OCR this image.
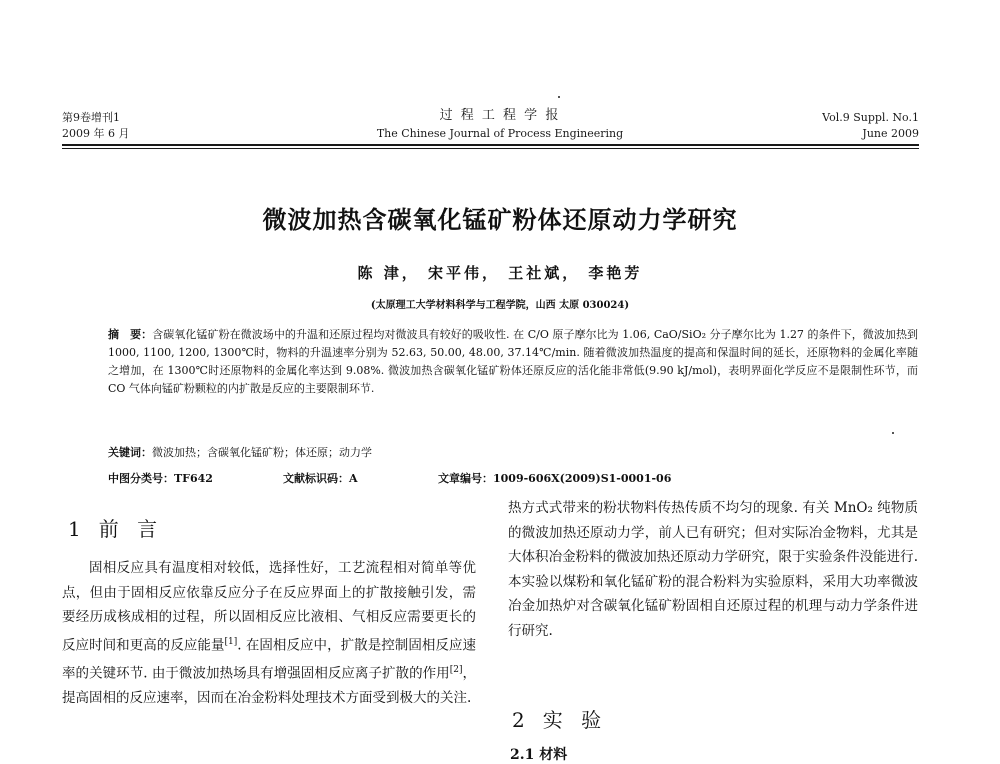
第9卷增刊1
2009 年 6 月
过 程 工 程 学 报
The Chinese Journal of Process Engineering
Vol.9 Suppl. No.1
June 2009
微波加热含碳氧化锰矿粉体还原动力学研究
陈 津， 宋平伟， 王社斌， 李艳芳
(太原理工大学材料科学与工程学院，山西 太原 030024)
摘　要：含碳氧化锰矿粉在微波场中的升温和还原过程均对微波具有较好的吸收性. 在 C/O 原子摩尔比为 1.06, CaO/SiO₂ 分子摩尔比为 1.27 的条件下，微波加热到 1000, 1100, 1200, 1300℃时，物料的升温速率分别为 52.63, 50.00, 48.00, 37.14℃/min. 随着微波加热温度的提高和保温时间的延长，还原物料的金属化率随之增加，在 1300℃时还原物料的金属化率达到 9.08%. 微波加热含碳氧化锰矿粉体还原反应的活化能非常低(9.90 kJ/mol)，表明界面化学反应不是限制性环节，而 CO 气体向锰矿粉颗粒的内扩散是反应的主要限制环节.
关键词：微波加热；含碳氧化锰矿粉；体还原；动力学
中图分类号：TF642	文献标识码：A	文章编号：1009-606X(2009)S1-0001-06
1 前 言
固相反应具有温度相对较低，选择性好，工艺流程相对简单等优点，但由于固相反应依靠反应分子在反应界面上的扩散接触引发，需要经历成核成相的过程，所以固相反应比液相、气相反应需要更长的反应时间和更高的反应能量[1]. 在固相反应中，扩散是控制固相反应速率的关键环节. 由于微波加热场具有增强固相反应离子扩散的作用[2]，提高固相的反应速率，因而在冶金粉料处理技术方面受到极大的关注.
热方式式带来的粉状物料传热传质不均匀的现象. 有关 MnO₂ 纯物质的微波加热还原动力学，前人已有研究；但对实际冶金物料，尤其是大体积冶金粉料的微波加热还原动力学研究，限于实验条件没能进行. 本实验以煤粉和氧化锰矿粉的混合粉料为实验原料，采用大功率微波冶金加热炉对含碳氧化锰矿粉固相自还原过程的机理与动力学条件进行研究.
2 实 验
2.1 材料
